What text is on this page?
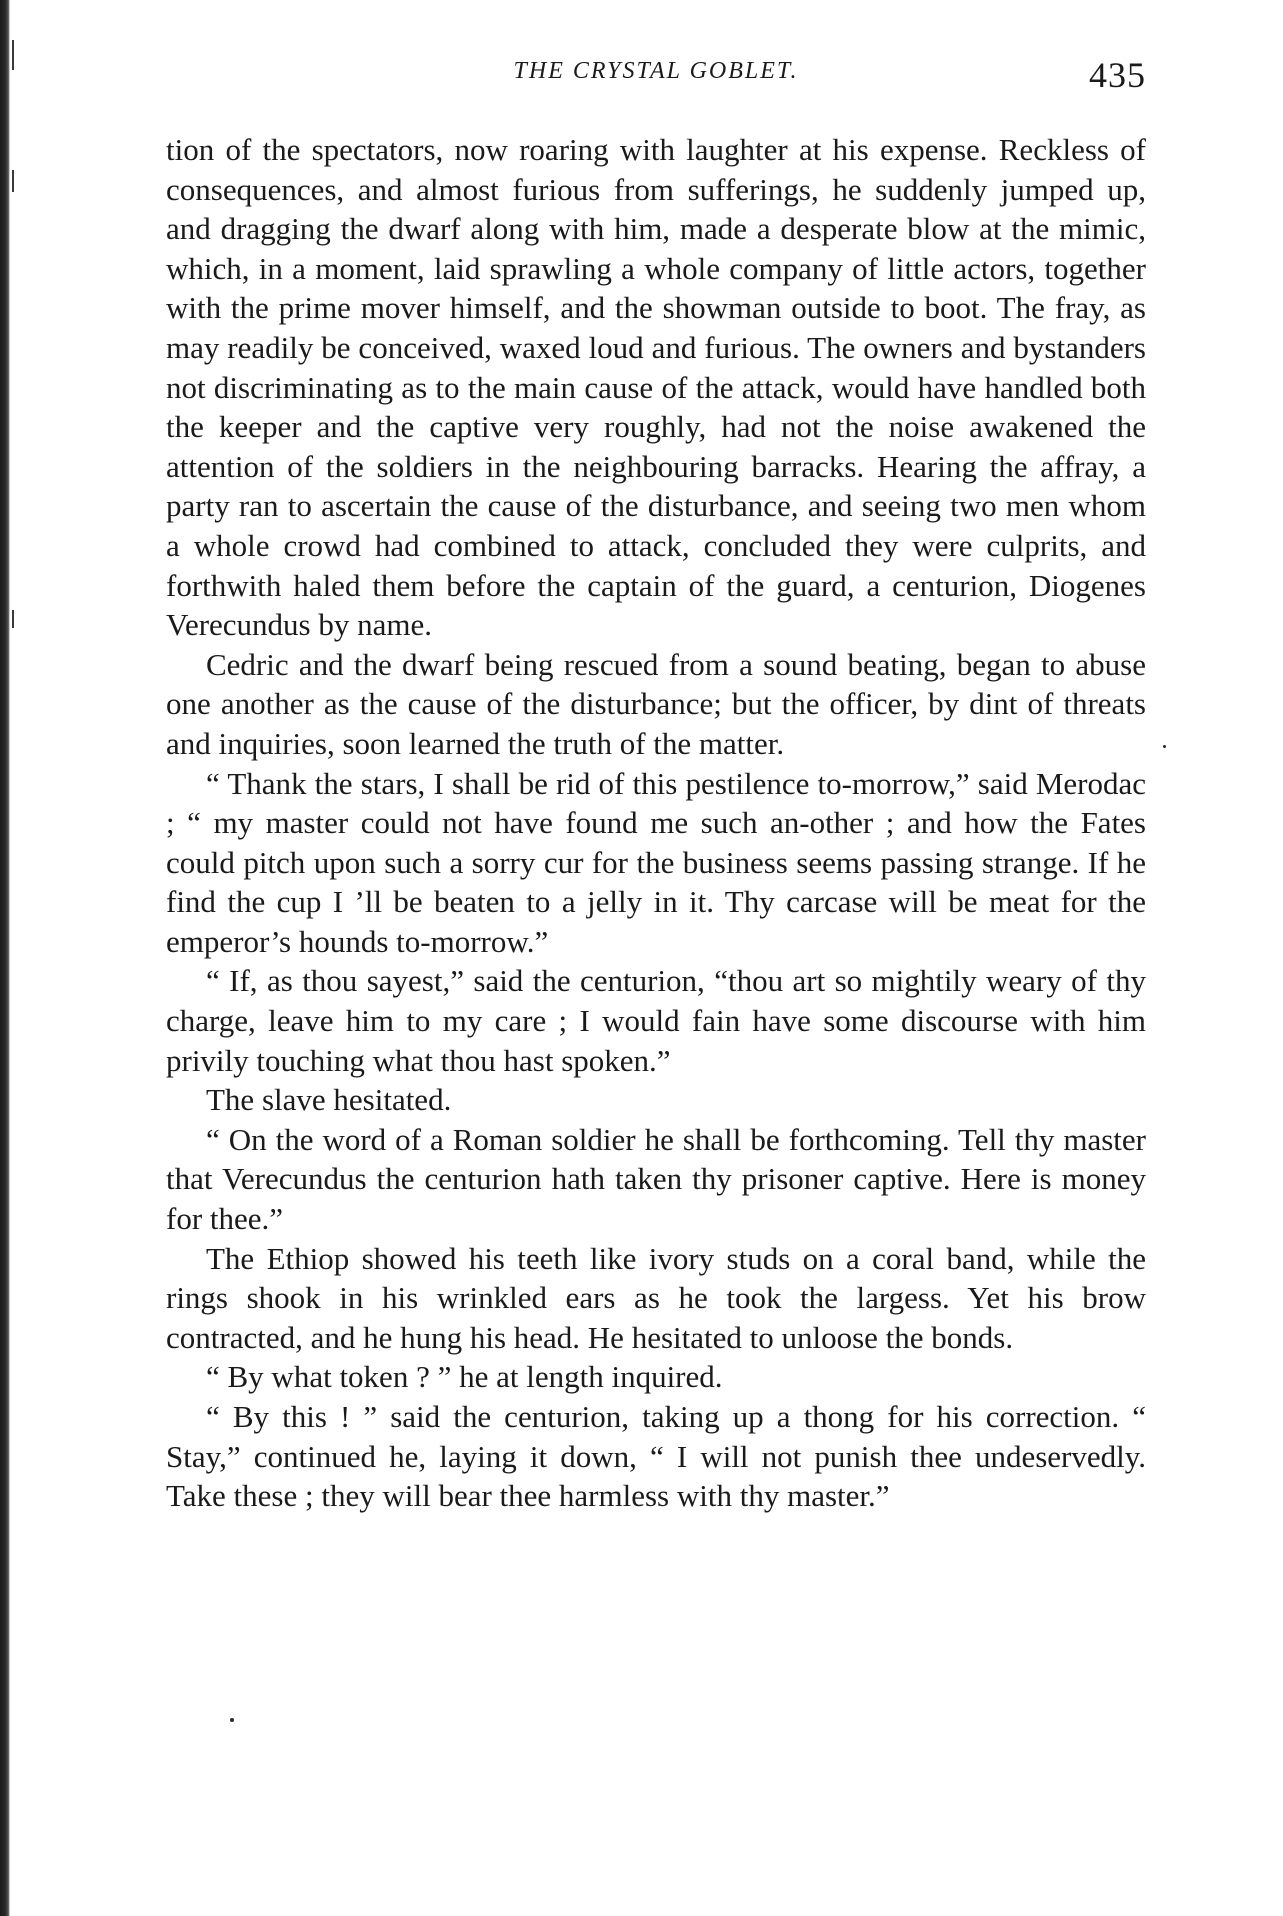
THE CRYSTAL GOBLET.	435

tion of the spectators, now roaring with laughter at his expense. Reckless of consequences, and almost furious from sufferings, he suddenly jumped up, and dragging the dwarf along with him, made a desperate blow at the mimic, which, in a moment, laid sprawling a whole company of little actors, together with the prime mover himself, and the showman outside to boot. The fray, as may readily be conceived, waxed loud and furious. The owners and bystanders not discriminating as to the main cause of the attack, would have handled both the keeper and the captive very roughly, had not the noise awakened the attention of the soldiers in the neighbouring barracks. Hearing the affray, a party ran to ascertain the cause of the disturbance, and seeing two men whom a whole crowd had combined to attack, concluded they were culprits, and forthwith haled them before the captain of the guard, a centurion, Diogenes Verecundus by name.

Cedric and the dwarf being rescued from a sound beating, began to abuse one another as the cause of the disturbance; but the officer, by dint of threats and inquiries, soon learned the truth of the matter.

“ Thank the stars, I shall be rid of this pestilence to-morrow,” said Merodac ; “ my master could not have found me such an-other ; and how the Fates could pitch upon such a sorry cur for the business seems passing strange. If he find the cup I ’ll be beaten to a jelly in it. Thy carcase will be meat for the emperor’s hounds to-morrow.”

“ If, as thou sayest,” said the centurion, “thou art so mightily weary of thy charge, leave him to my care ; I would fain have some discourse with him privily touching what thou hast spoken.”

The slave hesitated.

“ On the word of a Roman soldier he shall be forthcoming. Tell thy master that Verecundus the centurion hath taken thy prisoner captive. Here is money for thee.”

The Ethiop showed his teeth like ivory studs on a coral band, while the rings shook in his wrinkled ears as he took the largess. Yet his brow contracted, and he hung his head. He hesitated to unloose the bonds.

“ By what token ? ” he at length inquired.

“ By this ! ” said the centurion, taking up a thong for his correction. “ Stay,” continued he, laying it down, “ I will not punish thee undeservedly. Take these ; they will bear thee harmless with thy master.”
